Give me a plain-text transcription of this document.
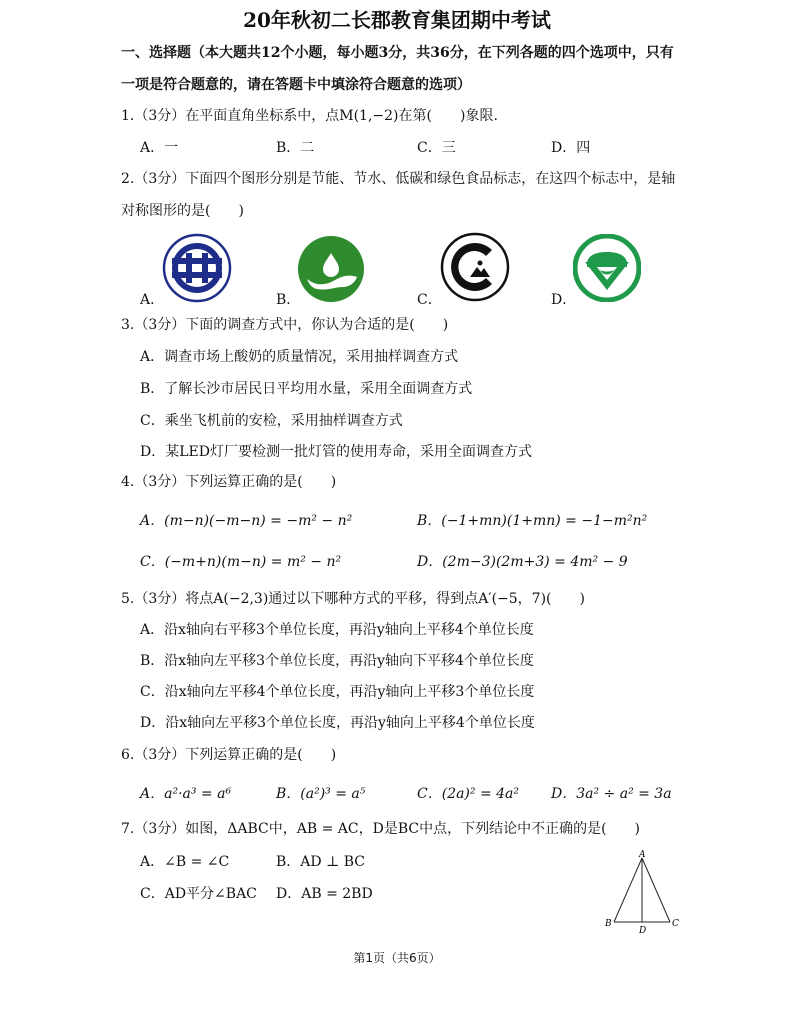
20年秋初二长郡教育集团期中考试
一、选择题（本大题共12个小题，每小题3分，共36分，在下列各题的四个选项中，只有
一项是符合题意的，请在答题卡中填涂符合题意的选项）
1.（3分）在平面直角坐标系中，点M(1,−2)在第(　　)象限.
A．一	B．二	C．三	D．四
2.（3分）下面四个图形分别是节能、节水、低碳和绿色食品标志，在这四个标志中，是轴
对称图形的是(　　)
A．	B．	C．	D．
3.（3分）下面的调查方式中，你认为合适的是(　　)
A．调查市场上酸奶的质量情况，采用抽样调查方式
B．了解长沙市居民日平均用水量，采用全面调查方式
C．乘坐飞机前的安检，采用抽样调查方式
D．某LED灯厂要检测一批灯管的使用寿命，采用全面调查方式
4.（3分）下列运算正确的是(　　)
A．(m−n)(−m−n) = −m² − n²	B．(−1+mn)(1+mn) = −1−m²n²
C．(−m+n)(m−n) = m² − n²	D．(2m−3)(2m+3) = 4m² − 9
5.（3分）将点A(−2,3)通过以下哪种方式的平移，得到点A′(−5，7)(　　)
A．沿x轴向右平移3个单位长度，再沿y轴向上平移4个单位长度
B．沿x轴向左平移3个单位长度，再沿y轴向下平移4个单位长度
C．沿x轴向左平移4个单位长度，再沿y轴向上平移3个单位长度
D．沿x轴向左平移3个单位长度，再沿y轴向上平移4个单位长度
6.（3分）下列运算正确的是(　　)
A．a²·a³ = a⁶	B．(a²)³ = a⁵	C．(2a)² = 4a² D．3a² ÷ a² = 3a
7.（3分）如图，ΔABC中，AB = AC，D是BC中点，下列结论中不正确的是(　　)
A．∠B = ∠C	B．AD ⊥ BC
C．AD平分∠BAC D．AB = 2BD
A
B	C
D
第1页（共6页）
